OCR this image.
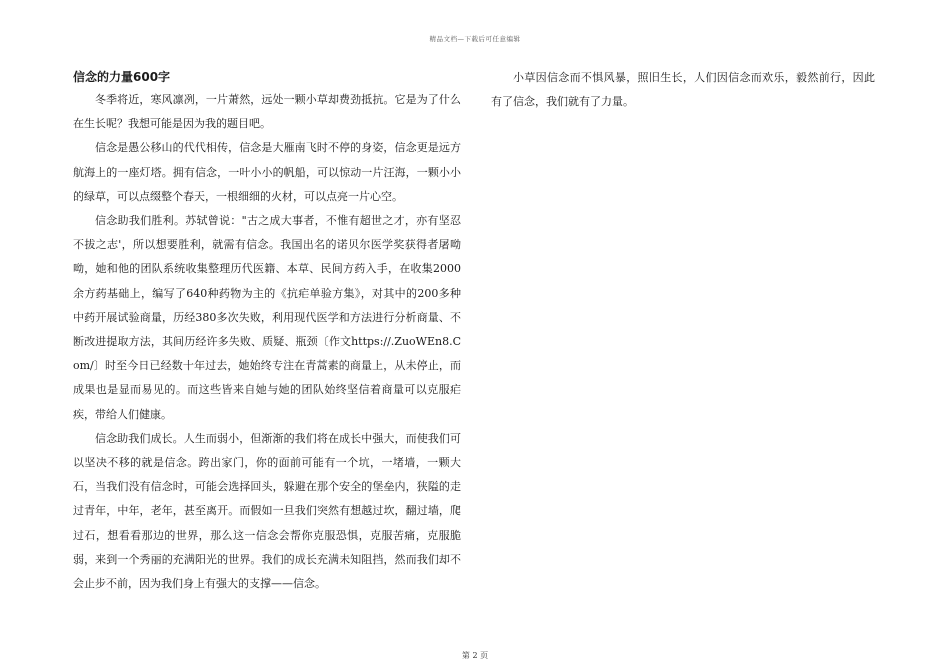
精品文档—下载后可任意编辑
信念的力量600字

冬季将近，寒风凛冽，一片萧然，远处一颗小草却费劲抵抗。它是为了什么在生长呢？我想可能是因为我的题目吧。

信念是愚公移山的代代相传，信念是大雁南飞时不停的身姿，信念更是远方航海上的一座灯塔。拥有信念，一叶小小的帆船，可以惊动一片汪海，一颗小小的绿草，可以点缀整个春天，一根细细的火材，可以点亮一片心空。

信念助我们胜利。苏轼曾说："古之成大事者，不惟有超世之才，亦有坚忍不拔之志'，所以想要胜利，就需有信念。我国出名的诺贝尔医学奖获得者屠呦呦，她和他的团队系统收集整理历代医籍、本草、民间方药入手，在收集2000余方药基础上，编写了640种药物为主的《抗疟单验方集》，对其中的200多种中药开展试验商量，历经380多次失败，利用现代医学和方法进行分析商量、不断改进提取方法，其间历经许多失败、质疑、瓶颈〔作文https://.ZuoWEn8.Com/〕时至今日已经数十年过去，她始终专注在青蒿素的商量上，从未停止，而成果也是显而易见的。而这些皆来自她与她的团队始终坚信着商量可以克服疟疾，带给人们健康。

信念助我们成长。人生而弱小，但渐渐的我们将在成长中强大，而使我们可以坚决不移的就是信念。跨出家门，你的面前可能有一个坑，一堵墙，一颗大石，当我们没有信念时，可能会选择回头，躲避在那个安全的堡垒内，狭隘的走过青年，中年，老年，甚至离开。而假如一旦我们突然有想越过坎，翻过墙，爬过石，想看看那边的世界，那么这一信念会帮你克服恐惧，克服苦痛，克服脆弱，来到一个秀丽的充满阳光的世界。我们的成长充满未知阻挡，然而我们却不会止步不前，因为我们身上有强大的支撑——信念。

小草因信念而不惧风暴，照旧生长，人们因信念而欢乐，毅然前行，因此有了信念，我们就有了力量。

第 2 页
